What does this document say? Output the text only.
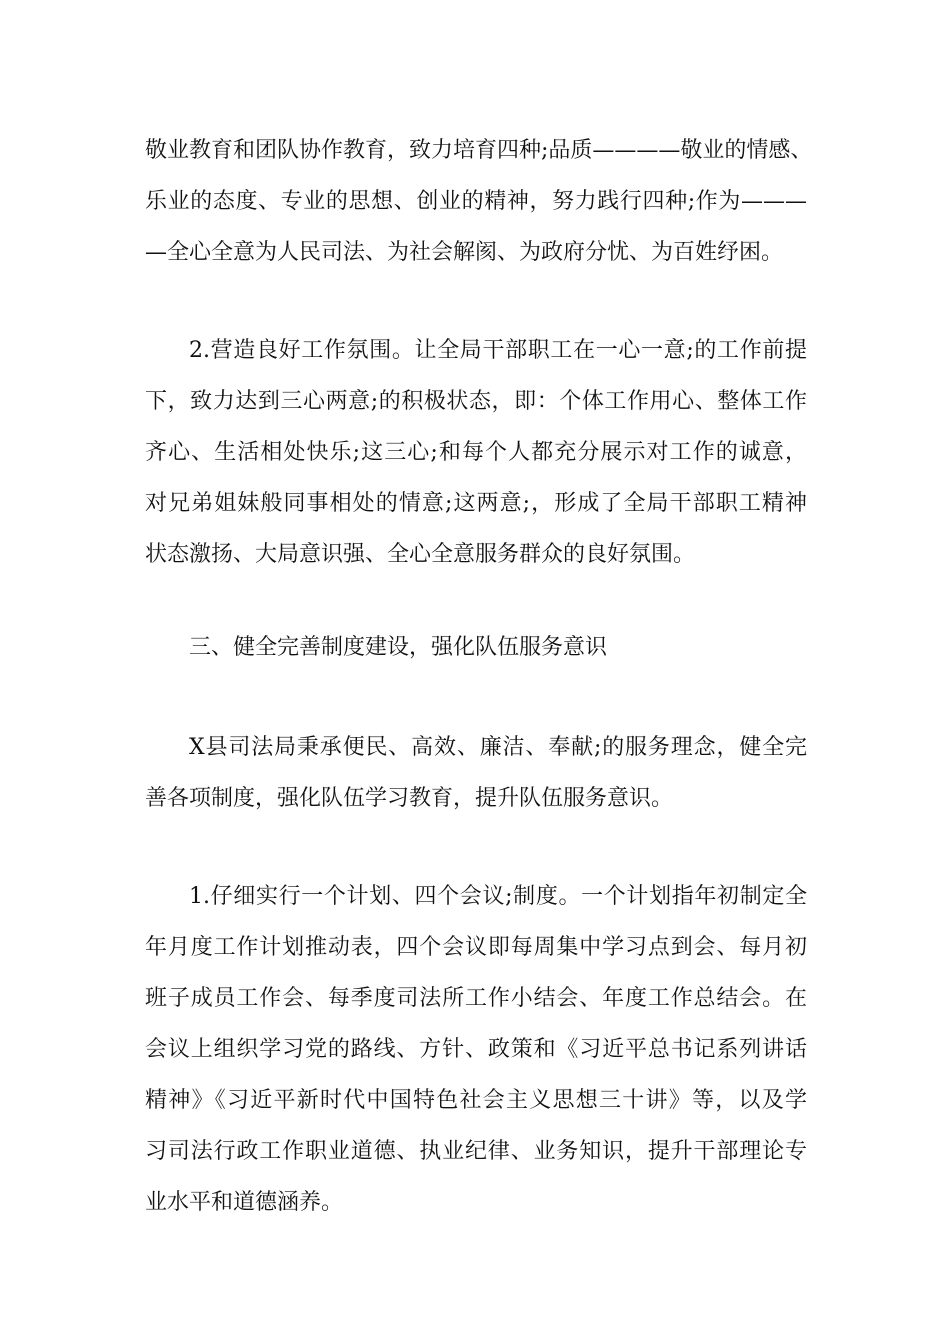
敬业教育和团队协作教育，致力培育四种;品质————敬业的情感、
乐业的态度、专业的思想、创业的精神，努力践行四种;作为———
—全心全意为人民司法、为社会解阂、为政府分忧、为百姓纾困。
2.营造良好工作氛围。让全局干部职工在一心一意;的工作前提
下，致力达到三心两意;的积极状态，即：个体工作用心、整体工作
齐心、生活相处快乐;这三心;和每个人都充分展示对工作的诚意，
对兄弟姐妹般同事相处的情意;这两意;，形成了全局干部职工精神
状态激扬、大局意识强、全心全意服务群众的良好氛围。
三、健全完善制度建设，强化队伍服务意识
X县司法局秉承便民、高效、廉洁、奉献;的服务理念，健全完
善各项制度，强化队伍学习教育，提升队伍服务意识。
1.仔细实行一个计划、四个会议;制度。一个计划指年初制定全
年月度工作计划推动表，四个会议即每周集中学习点到会、每月初
班子成员工作会、每季度司法所工作小结会、年度工作总结会。在
会议上组织学习党的路线、方针、政策和《习近平总书记系列讲话
精神》《习近平新时代中国特色社会主义思想三十讲》等，以及学
习司法行政工作职业道德、执业纪律、业务知识，提升干部理论专
业水平和道德涵养。
